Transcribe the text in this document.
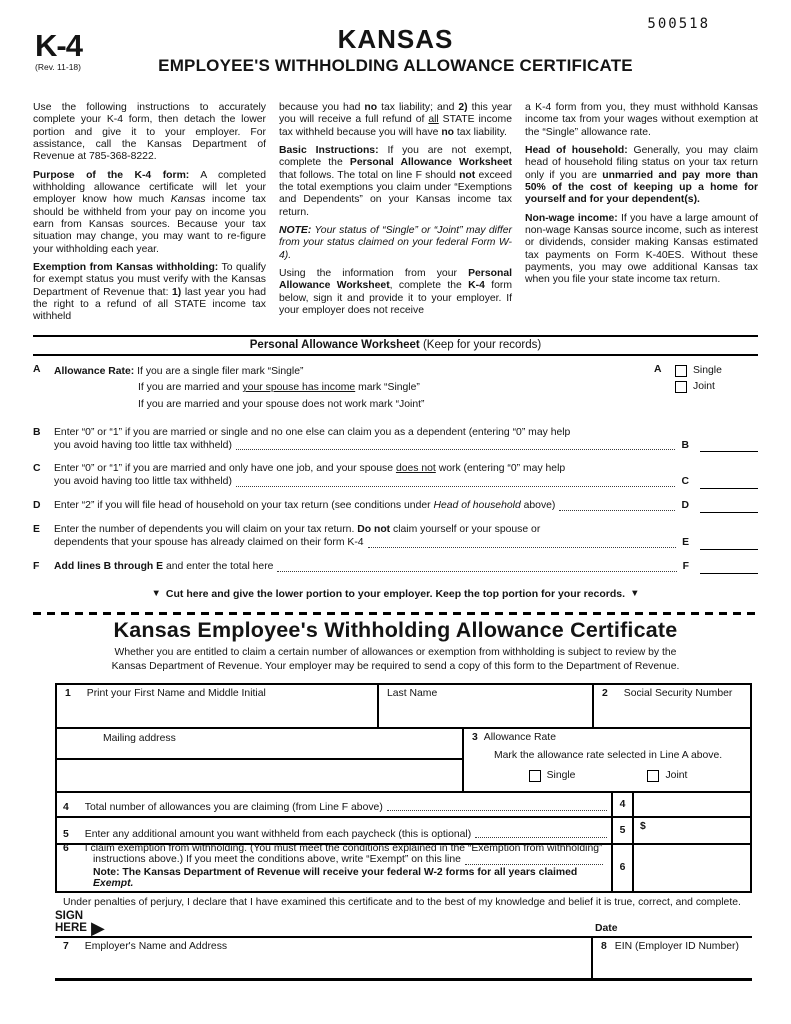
500518
K-4
(Rev. 11-18)
KANSAS
EMPLOYEE'S WITHHOLDING ALLOWANCE CERTIFICATE

Use the following instructions to accurately complete your K-4 form, then detach the lower portion and give it to your employer. For assistance, call the Kansas Department of Revenue at 785-368-8222.

Purpose of the K-4 form: A completed withholding allowance certificate will let your employer know how much Kansas income tax should be withheld from your pay on income you earn from Kansas sources. Because your tax situation may change, you may want to re-figure your withholding each year.

Exemption from Kansas withholding: To qualify for exempt status you must verify with the Kansas Department of Revenue that: 1) last year you had the right to a refund of all STATE income tax withheld

because you had no tax liability; and 2) this year you will receive a full refund of all STATE income tax withheld because you will have no tax liability.

Basic Instructions: If you are not exempt, complete the Personal Allowance Worksheet that follows. The total on line F should not exceed the total exemptions you claim under “Exemptions and Dependents” on your Kansas income tax return.

NOTE: Your status of “Single” or “Joint” may differ from your status claimed on your federal Form W-4).

Using the information from your Personal Allowance Worksheet, complete the K-4 form below, sign it and provide it to your employer. If your employer does not receive

a K-4 form from you, they must withhold Kansas income tax from your wages without exemption at the “Single” allowance rate.

Head of household: Generally, you may claim head of household filing status on your tax return only if you are unmarried and pay more than 50% of the cost of keeping up a home for yourself and for your dependent(s).

Non-wage income: If you have a large amount of non-wage Kansas source income, such as interest or dividends, consider making Kansas estimated tax payments on Form K-40ES. Without these payments, you may owe additional Kansas tax when you file your state income tax return.

Personal Allowance Worksheet (Keep for your records)
A	Allowance Rate: If you are a single filer mark “Single”
If you are married and your spouse has income mark “Single”
If you are married and your spouse does not work mark “Joint”
A	Single
Joint
B	Enter “0” or “1” if you are married or single and no one else can claim you as a dependent (entering “0” may help
you avoid having too little tax withheld)	B
C	Enter “0” or “1” if you are married and only have one job, and your spouse does not work (entering “0” may help
you avoid having too little tax withheld)	C
D	Enter “2” if you will file head of household on your tax return (see conditions under Head of household above)	D
E	Enter the number of dependents you will claim on your tax return. Do not claim yourself or your spouse or
dependents that your spouse has already claimed on their form K-4	E
F	Add lines B through E and enter the total here	F
▼ Cut here and give the lower portion to your employer. Keep the top portion for your records. ▼
Kansas Employee's Withholding Allowance Certificate
Whether you are entitled to claim a certain number of allowances or exemption from withholding is subject to review by the
Kansas Department of Revenue. Your employer may be required to send a copy of this form to the Department of Revenue.
1 Print your First Name and Middle Initial	Last Name	2 Social Security Number
Mailing address	3 Allowance Rate
Mark the allowance rate selected in Line A above.
Single	Joint
4 Total number of allowances you are claiming (from Line F above)	4
5 Enter any additional amount you want withheld from each paycheck (this is optional)	5	$
6 I claim exemption from withholding. (You must meet the conditions explained in the “Exemption from withholding”
instructions above.) If you meet the conditions above, write “Exempt” on this line
Note: The Kansas Department of Revenue will receive your federal W-2 forms for all years claimed Exempt.
6
Under penalties of perjury, I declare that I have examined this certificate and to the best of my knowledge and belief it is true, correct, and complete.
SIGN
HERE ▶	Date
7 Employer's Name and Address	8 EIN (Employer ID Number)
